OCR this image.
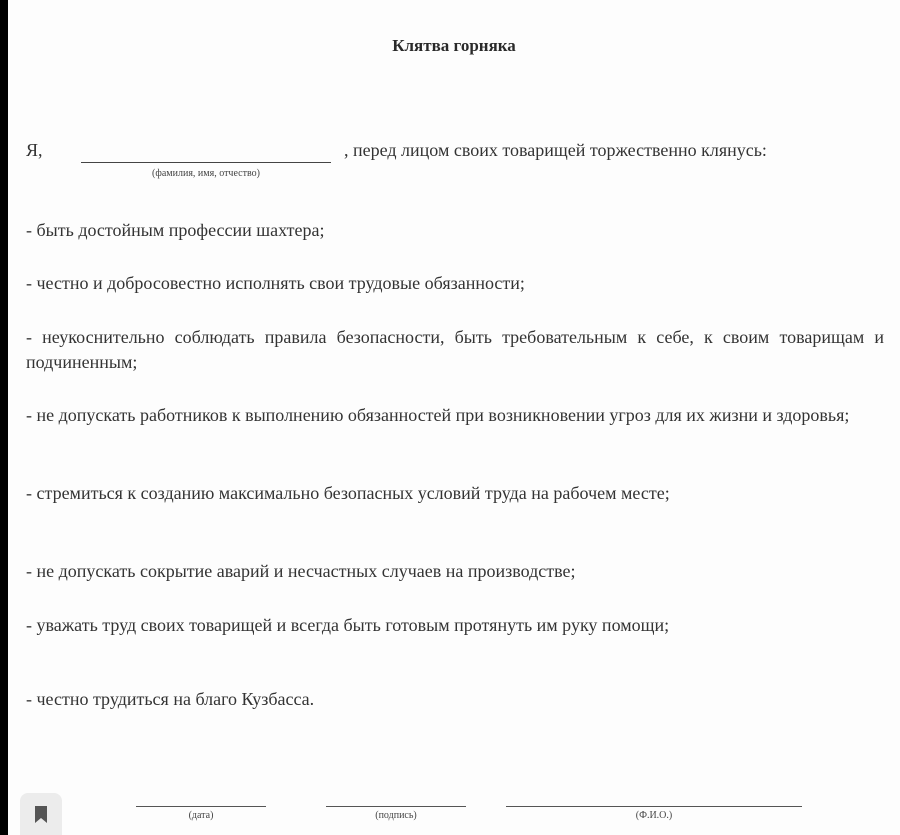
Клятва горняка
Я,
(фамилия, имя, отчество)
, перед лицом своих товарищей торжественно клянусь:
- быть достойным профессии шахтера;
- честно и добросовестно исполнять свои трудовые обязанности;
- неукоснительно соблюдать правила безопасности, быть требовательным к себе, к своим товарищам и подчиненным;
- не допускать работников к выполнению обязанностей при возникновении угроз для их жизни и здоровья;
- стремиться к созданию максимально безопасных условий труда на рабочем месте;
- не допускать сокрытие аварий и несчастных случаев на производстве;
- уважать труд своих товарищей и всегда быть готовым протянуть им руку помощи;
- честно трудиться на благо Кузбасса.
(дата)	(подпись)	(Ф.И.О.)
